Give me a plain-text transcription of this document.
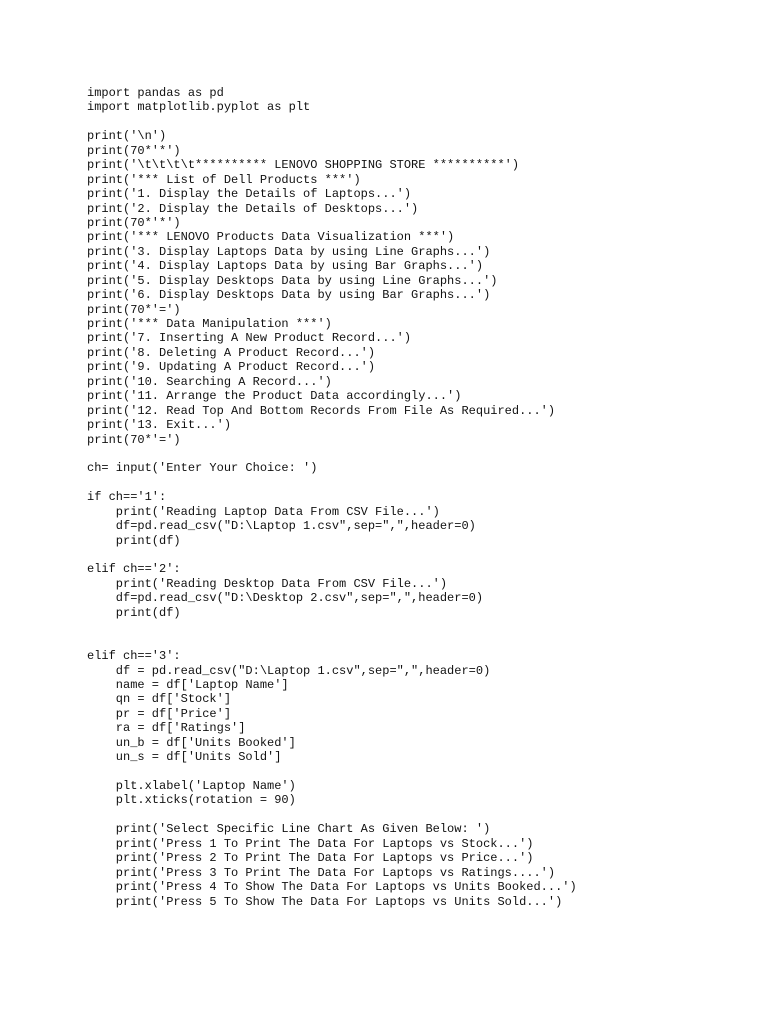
import pandas as pd
import matplotlib.pyplot as plt
print('\n')
print(70*'*')
print('\t\t\t\t********** LENOVO SHOPPING STORE **********')
print('*** List of Dell Products ***')
print('1. Display the Details of Laptops...')
print('2. Display the Details of Desktops...')
print(70*'*')
print('*** LENOVO Products Data Visualization ***')
print('3. Display Laptops Data by using Line Graphs...')
print('4. Display Laptops Data by using Bar Graphs...')
print('5. Display Desktops Data by using Line Graphs...')
print('6. Display Desktops Data by using Bar Graphs...')
print(70*'=')
print('*** Data Manipulation ***')
print('7. Inserting A New Product Record...')
print('8. Deleting A Product Record...')
print('9. Updating A Product Record...')
print('10. Searching A Record...')
print('11. Arrange the Product Data accordingly...')
print('12. Read Top And Bottom Records From File As Required...')
print('13. Exit...')
print(70*'=')
ch= input('Enter Your Choice: ')
if ch=='1':
print('Reading Laptop Data From CSV File...')
df=pd.read_csv("D:\Laptop 1.csv",sep=",",header=0)
print(df)
elif ch=='2':
print('Reading Desktop Data From CSV File...')
df=pd.read_csv("D:\Desktop 2.csv",sep=",",header=0)
print(df)
elif ch=='3':
df = pd.read_csv("D:\Laptop 1.csv",sep=",",header=0)
name = df['Laptop Name']
qn = df['Stock']
pr = df['Price']
ra = df['Ratings']
un_b = df['Units Booked']
un_s = df['Units Sold']
plt.xlabel('Laptop Name')
plt.xticks(rotation = 90)
print('Select Specific Line Chart As Given Below: ')
print('Press 1 To Print The Data For Laptops vs Stock...')
print('Press 2 To Print The Data For Laptops vs Price...')
print('Press 3 To Print The Data For Laptops vs Ratings....')
print('Press 4 To Show The Data For Laptops vs Units Booked...')
print('Press 5 To Show The Data For Laptops vs Units Sold...')
